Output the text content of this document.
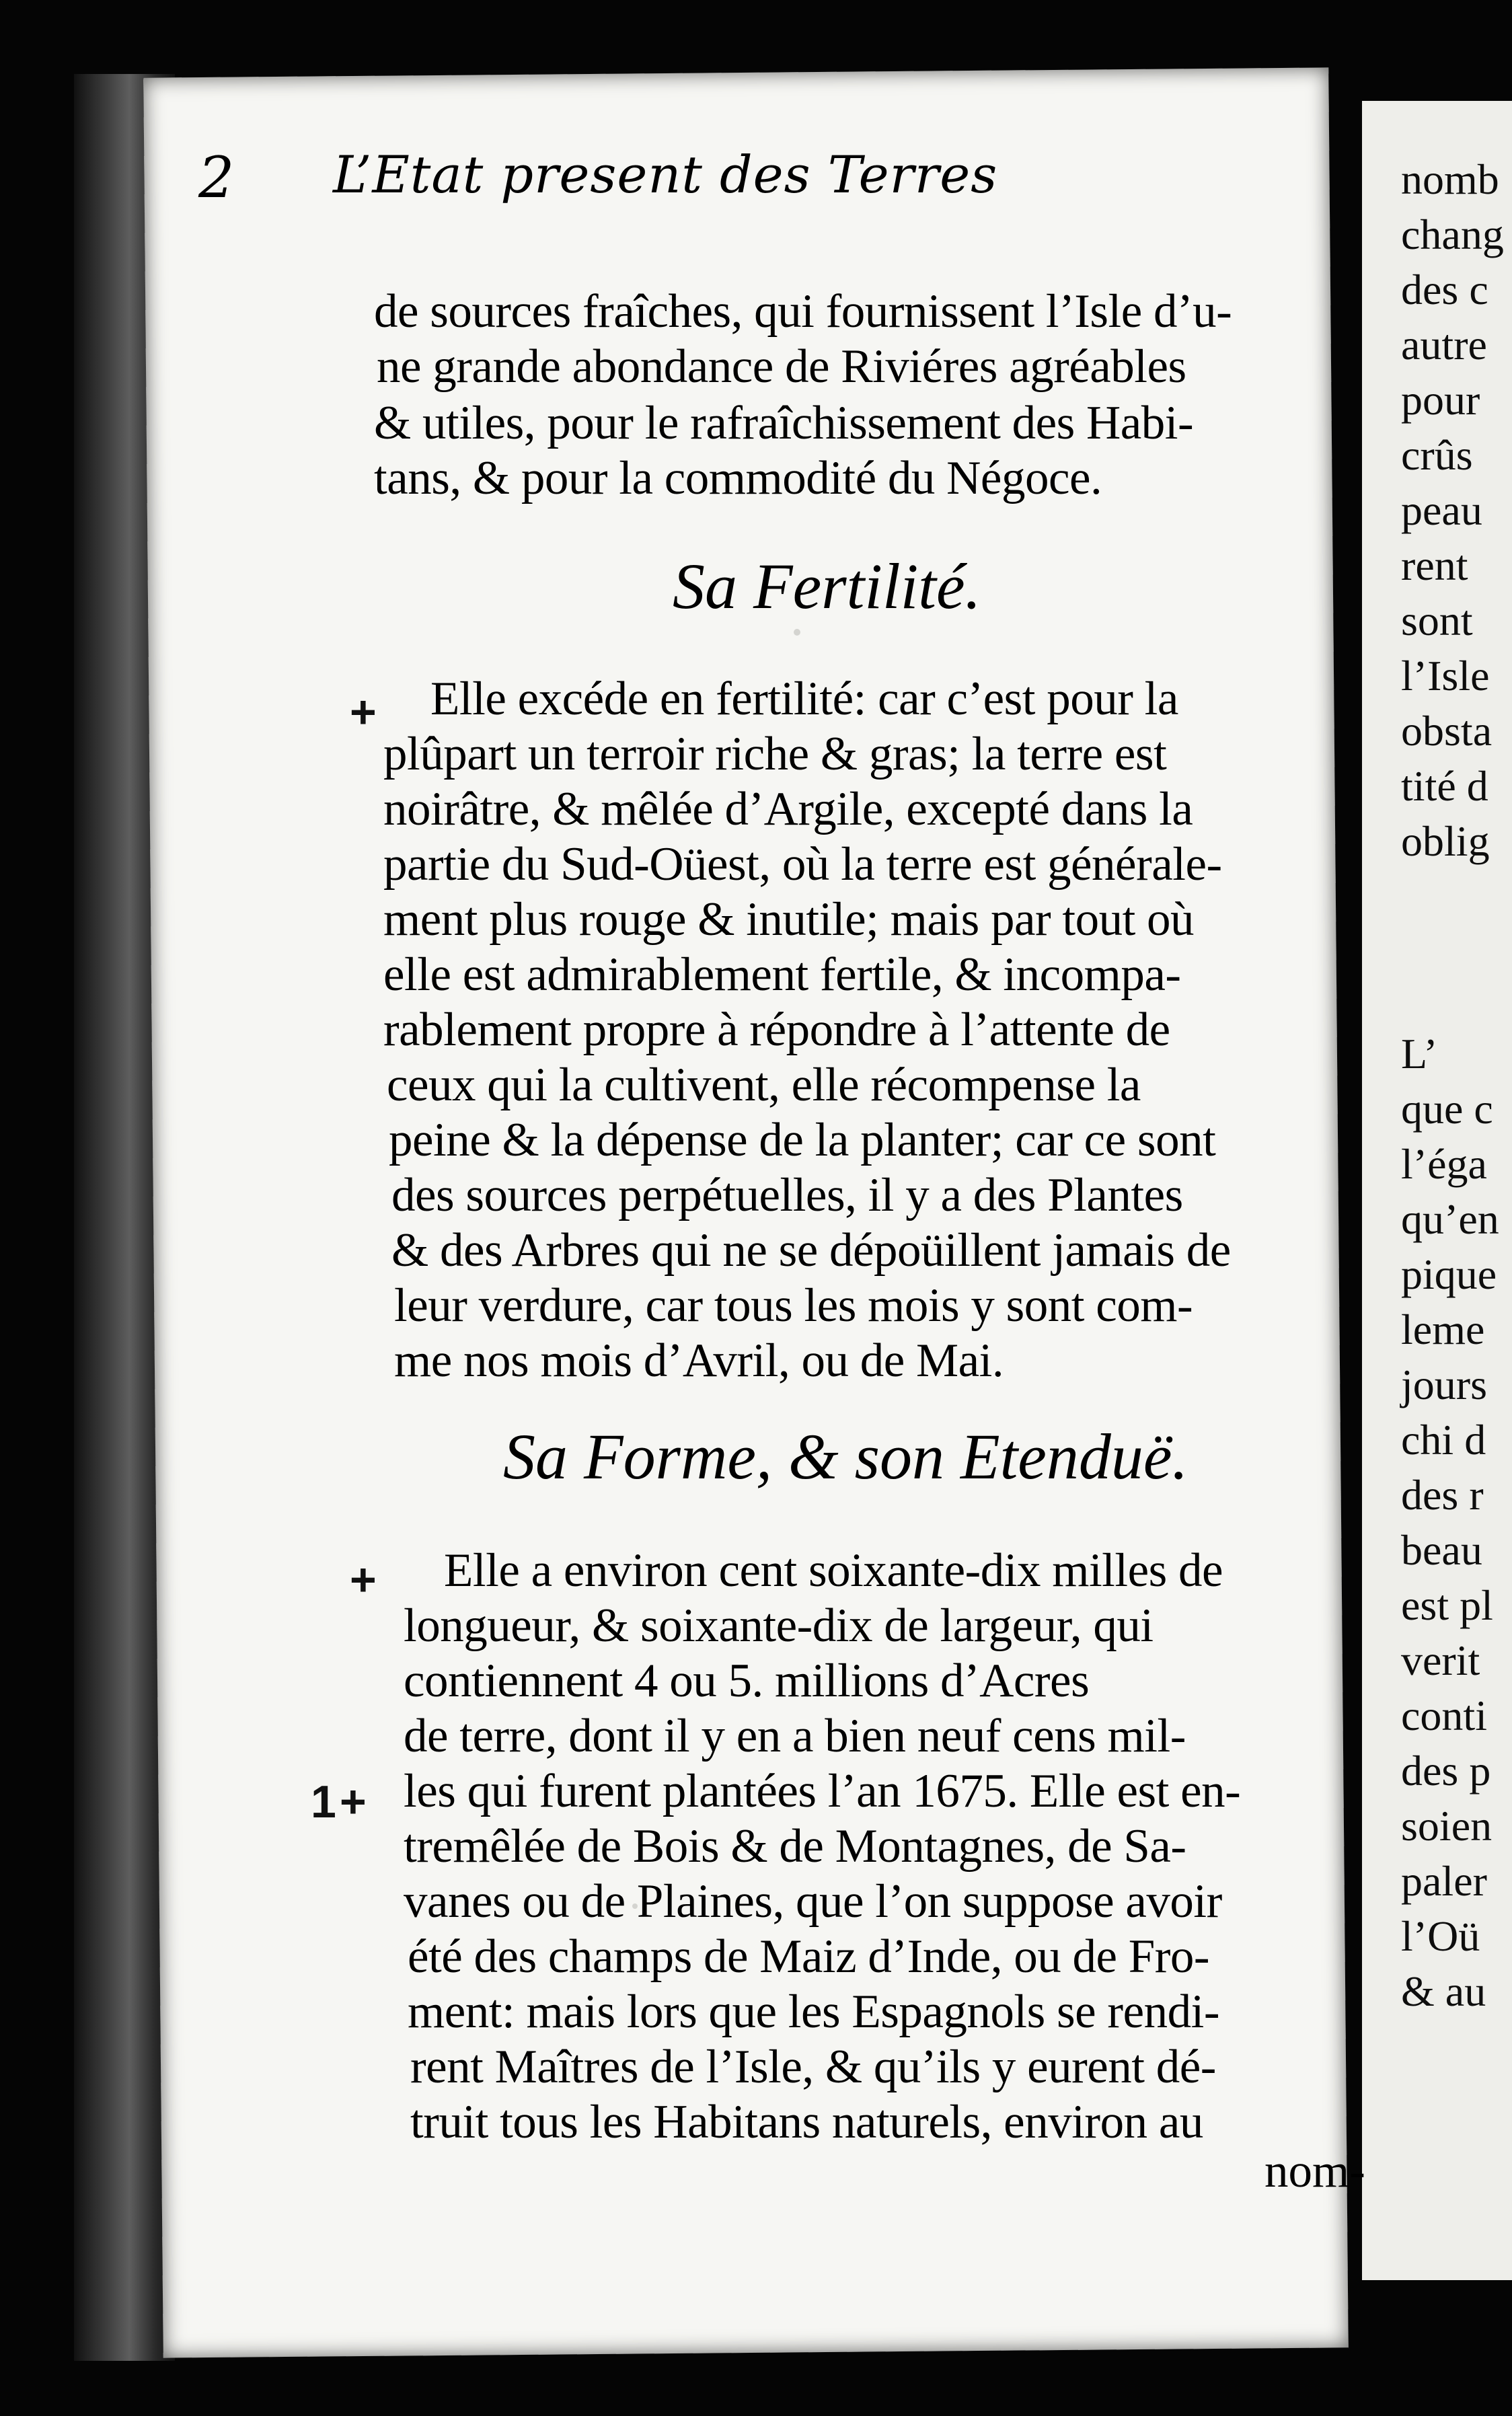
nomb
chang
des c
autre
pour
crûs
peau
rent
sont
l’Isle
obsta
tité d
oblig
L’
que c
l’éga
qu’en
pique
leme
jours
chi d
des r
beau
est pl
verit
conti
des p
soien
paler
l’Oü
& au
2 L’Etat present des Terres
de sources fraîches, qui fournissent l’Isle d’u-
ne grande abondance de Riviéres agréables
& utiles, pour le rafraîchissement des Habi-
tans, & pour la commodité du Négoce.
Sa Fertilité.
Elle excéde en fertilité: car c’est pour la
plûpart un terroir riche & gras; la terre est
noirâtre, & mêlée d’Argile, excepté dans la
partie du Sud-Oüest, où la terre est générale-
ment plus rouge & inutile; mais par tout où
elle est admirablement fertile, & incompa-
rablement propre à répondre à l’attente de
ceux qui la cultivent, elle récompense la
peine & la dépense de la planter; car ce sont
des sources perpétuelles, il y a des Plantes
& des Arbres qui ne se dépoüillent jamais de
leur verdure, car tous les mois y sont com-
me nos mois d’Avril, ou de Mai.
Sa Forme, & son Etenduë.
Elle a environ cent soixante-dix milles de
longueur, & soixante-dix de largeur, qui
contiennent 4 ou 5. millions d’Acres
de terre, dont il y en a bien neuf cens mil-
les qui furent plantées l’an 1675. Elle est en-
tremêlée de Bois & de Montagnes, de Sa-
vanes ou de Plaines, que l’on suppose avoir
été des champs de Maiz d’Inde, ou de Fro-
ment: mais lors que les Espagnols se rendi-
rent Maîtres de l’Isle, & qu’ils y eurent dé-
truit tous les Habitans naturels, environ au
nom-
+
+
+
1
